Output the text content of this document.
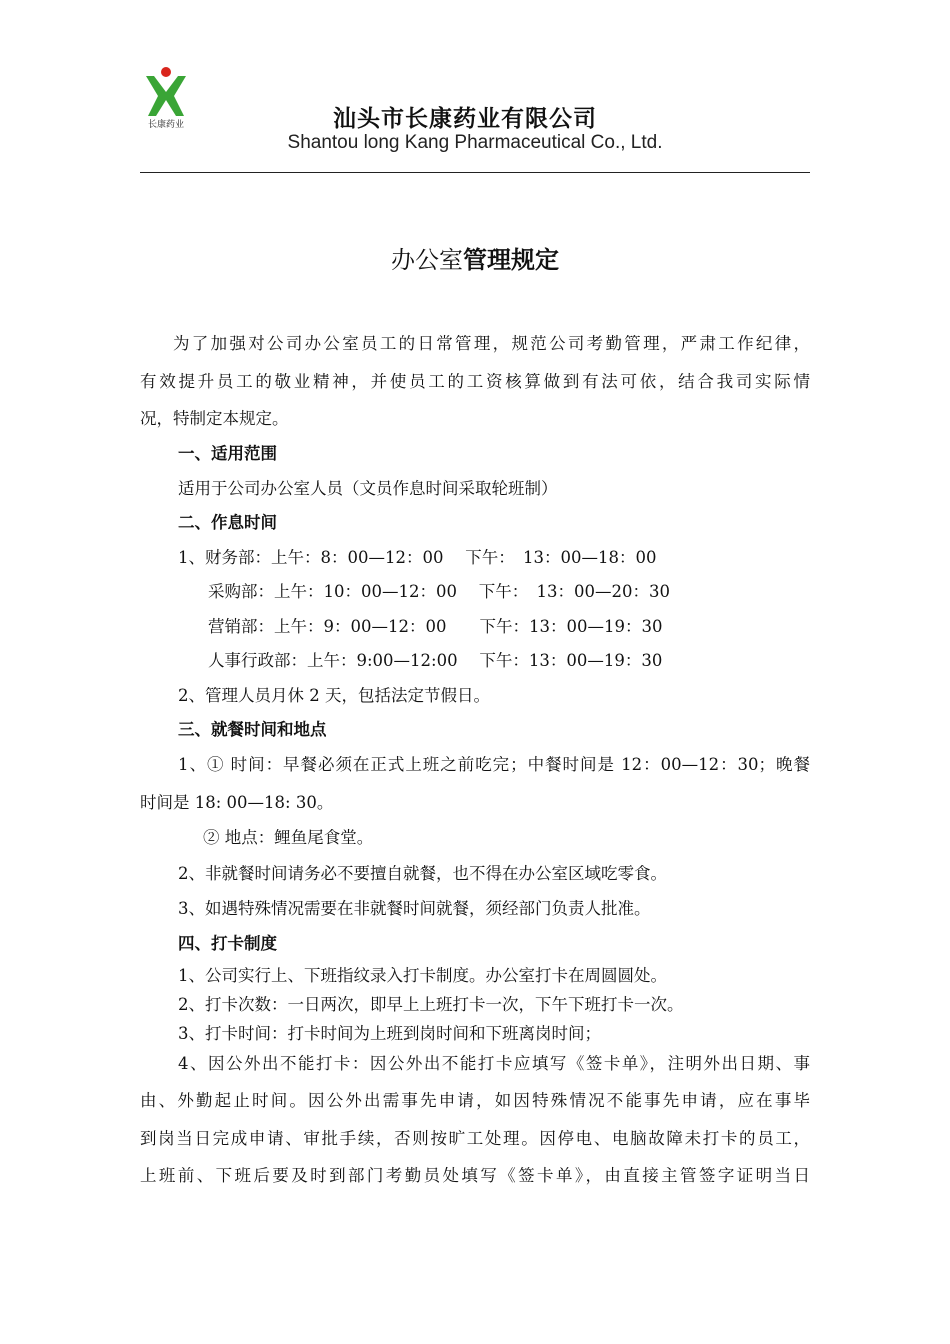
长康药业	汕头市长康药业有限公司
Shantou long Kang Pharmaceutical Co., Ltd.
办公室管理规定
为了加强对公司办公室员工的日常管理，规范公司考勤管理，严肃工作纪律，
有效提升员工的敬业精神，并使员工的工资核算做到有法可依，结合我司实际情
况，特制定本规定。
一、适用范围
适用于公司办公室人员（文员作息时间采取轮班制）
二、作息时间
1、财务部：上午：8：00—12：00　 下午：　13：00—18：00
采购部：上午：10：00—12：00　 下午：　13：00—20：30
营销部：上午：9：00—12：00　　下午：13：00—19：30
人事行政部：上午：9:00—12:00　 下午：13：00—19：30
2、管理人员月休 2 天，包括法定节假日。
三、就餐时间和地点
1、① 时间：早餐必须在正式上班之前吃完；中餐时间是 12：00—12：30；晚餐
时间是 18: 00—18: 30。
② 地点：鲤鱼尾食堂。
2、非就餐时间请务必不要擅自就餐，也不得在办公室区域吃零食。
3、如遇特殊情况需要在非就餐时间就餐，须经部门负责人批准。
四、打卡制度
1、公司实行上、下班指纹录入打卡制度。办公室打卡在周圆圆处。
2、打卡次数：一日两次，即早上上班打卡一次，下午下班打卡一次。
3、打卡时间：打卡时间为上班到岗时间和下班离岗时间；
4、因公外出不能打卡：因公外出不能打卡应填写《签卡单》，注明外出日期、事
由、外勤起止时间。因公外出需事先申请，如因特殊情况不能事先申请，应在事毕
到岗当日完成申请、审批手续，否则按旷工处理。因停电、电脑故障未打卡的员工，
上班前、下班后要及时到部门考勤员处填写《签卡单》，由直接主管签字证明当日
